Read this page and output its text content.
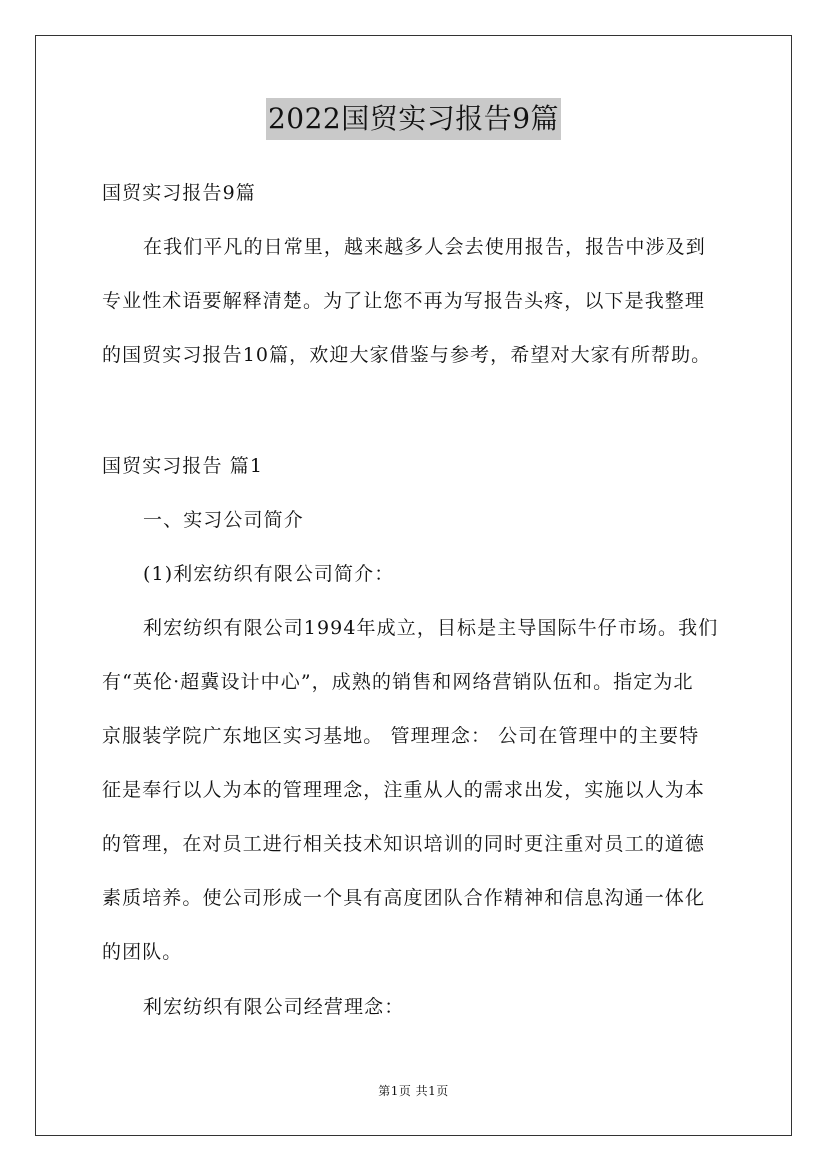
2022国贸实习报告9篇
国贸实习报告9篇
在我们平凡的日常里，越来越多人会去使用报告，报告中涉及到
专业性术语要解释清楚。为了让您不再为写报告头疼，以下是我整理
的国贸实习报告10篇，欢迎大家借鉴与参考，希望对大家有所帮助。
国贸实习报告 篇1
一、实习公司简介
(1)利宏纺织有限公司简介：
利宏纺织有限公司1994年成立，目标是主导国际牛仔市场。我们
有“英伦·超冀设计中心”，成熟的销售和网络营销队伍和。指定为北
京服装学院广东地区实习基地。 管理理念： 公司在管理中的主要特
征是奉行以人为本的管理理念，注重从人的需求出发，实施以人为本
的管理，在对员工进行相关技术知识培训的同时更注重对员工的道德
素质培养。使公司形成一个具有高度团队合作精神和信息沟通一体化
的团队。
利宏纺织有限公司经营理念：
第1页 共1页
